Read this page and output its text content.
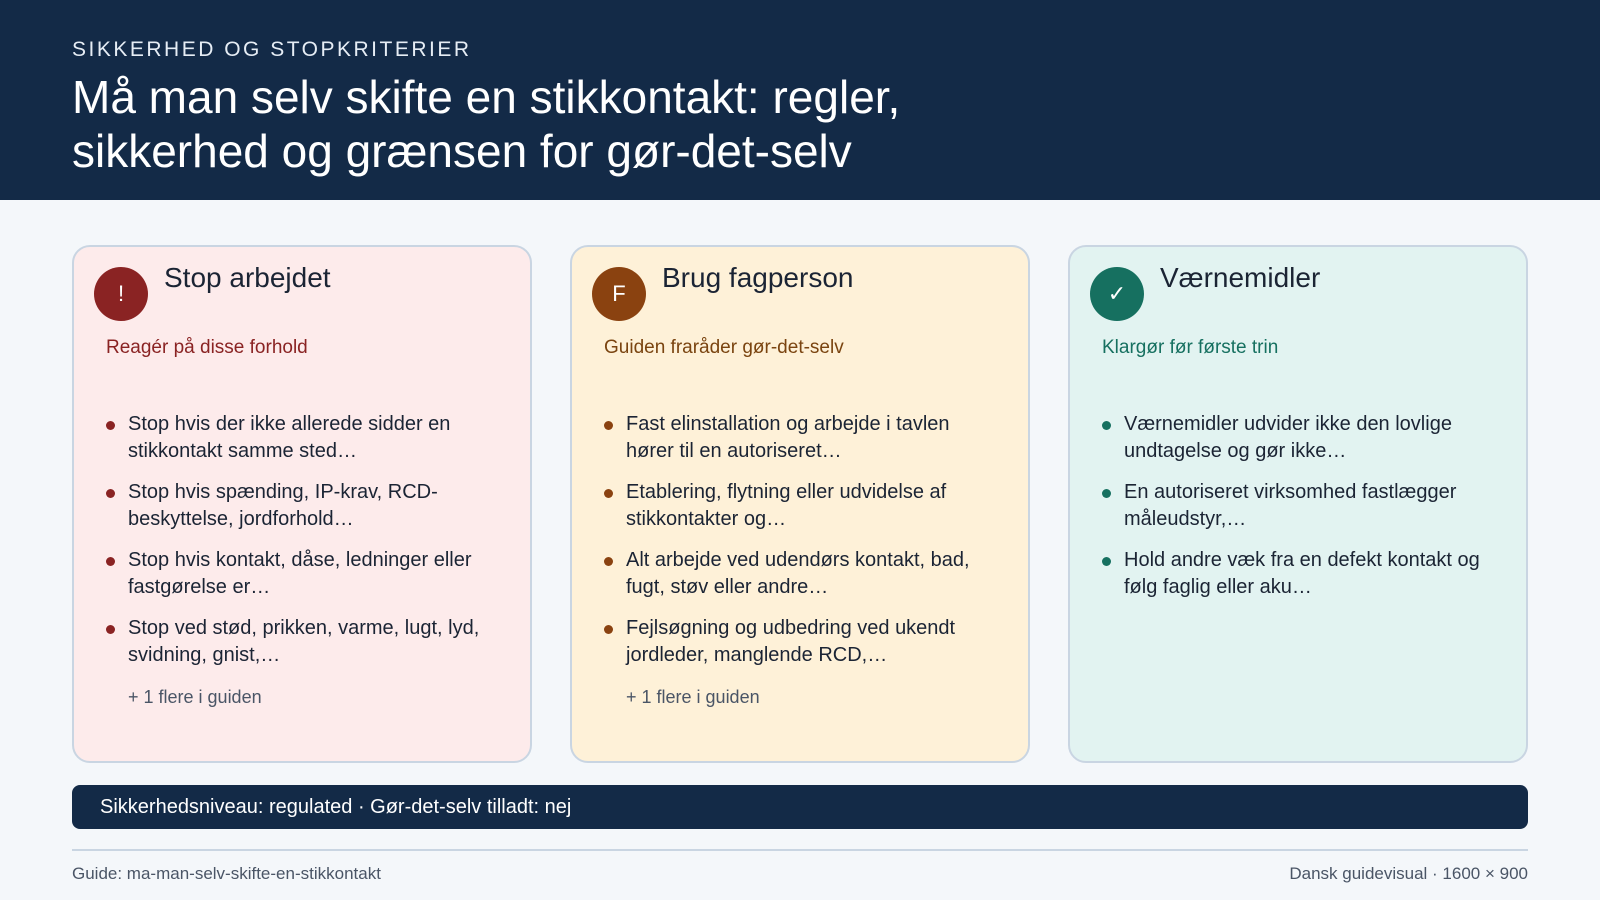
SIKKERHED OG STOPKRITERIER
Må man selv skifte en stikkontakt: regler, sikkerhed og grænsen for gør-det-selv
!
Stop arbejdet
Reagér på disse forhold
Stop hvis der ikke allerede sidder en stikkontakt samme sted…
Stop hvis spænding, IP-krav, RCD-beskyttelse, jordforhold…
Stop hvis kontakt, dåse, ledninger eller fastgørelse er…
Stop ved stød, prikken, varme, lugt, lyd, svidning, gnist,…
+ 1 flere i guiden
F
Brug fagperson
Guiden fraråder gør-det-selv
Fast elinstallation og arbejde i tavlen hører til en autoriseret…
Etablering, flytning eller udvidelse af stikkontakter og…
Alt arbejde ved udendørs kontakt, bad, fugt, støv eller andre…
Fejlsøgning og udbedring ved ukendt jordleder, manglende RCD,…
+ 1 flere i guiden
✓
Værnemidler
Klargør før første trin
Værnemidler udvider ikke den lovlige undtagelse og gør ikke…
En autoriseret virksomhed fastlægger måleudstyr,…
Hold andre væk fra en defekt kontakt og følg faglig eller aku…
Sikkerhedsniveau: regulated · Gør-det-selv tilladt: nej
Guide: ma-man-selv-skifte-en-stikkontakt	Dansk guidevisual · 1600 × 900
